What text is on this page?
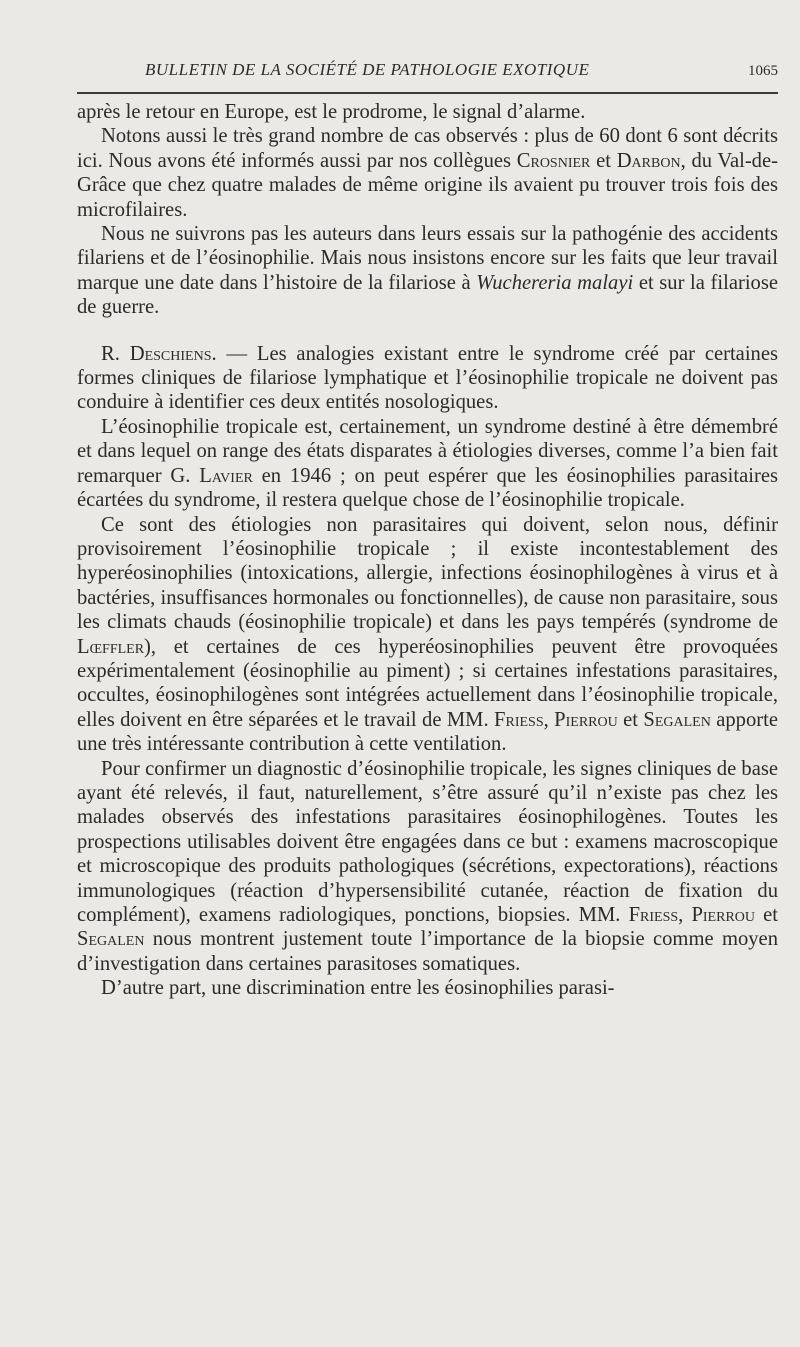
BULLETIN DE LA SOCIÉTÉ DE PATHOLOGIE EXOTIQUE	1065

après le retour en Europe, est le prodrome, le signal d’alarme.

Notons aussi le très grand nombre de cas observés : plus de 60 dont 6 sont décrits ici. Nous avons été informés aussi par nos collègues Crosnier et Darbon, du Val-de-Grâce que chez quatre malades de même origine ils avaient pu trouver trois fois des microfilaires.

Nous ne suivrons pas les auteurs dans leurs essais sur la pathogénie des accidents filariens et de l’éosinophilie. Mais nous insistons encore sur les faits que leur travail marque une date dans l’histoire de la filariose à Wuchereria malayi et sur la filariose de guerre.

R. Deschiens. — Les analogies existant entre le syndrome créé par certaines formes cliniques de filariose lymphatique et l’éosinophilie tropicale ne doivent pas conduire à identifier ces deux entités nosologiques.

L’éosinophilie tropicale est, certainement, un syndrome destiné à être démembré et dans lequel on range des états disparates à étiologies diverses, comme l’a bien fait remarquer G. Lavier en 1946 ; on peut espérer que les éosinophilies parasitaires écartées du syndrome, il restera quelque chose de l’éosinophilie tropicale.

Ce sont des étiologies non parasitaires qui doivent, selon nous, définir provisoirement l’éosinophilie tropicale ; il existe incontestablement des hyperéosinophilies (intoxications, allergie, infections éosinophilogènes à virus et à bactéries, insuffisances hormonales ou fonctionnelles), de cause non parasitaire, sous les climats chauds (éosinophilie tropicale) et dans les pays tempérés (syndrome de Lœffler), et certaines de ces hyperéosinophilies peuvent être provoquées expérimentalement (éosinophilie au piment) ; si certaines infestations parasitaires, occultes, éosinophilogènes sont intégrées actuellement dans l’éosinophilie tropicale, elles doivent en être séparées et le travail de MM. Friess, Pierrou et Segalen apporte une très intéressante contribution à cette ventilation.

Pour confirmer un diagnostic d’éosinophilie tropicale, les signes cliniques de base ayant été relevés, il faut, naturellement, s’être assuré qu’il n’existe pas chez les malades observés des infestations parasitaires éosinophilogènes. Toutes les prospections utilisables doivent être engagées dans ce but : examens macroscopique et microscopique des produits pathologiques (sécrétions, expectorations), réactions immunologiques (réaction d’hypersensibilité cutanée, réaction de fixation du complément), examens radiologiques, ponctions, biopsies. MM. Friess, Pierrou et Segalen nous montrent justement toute l’importance de la biopsie comme moyen d’investigation dans certaines parasitoses somatiques.

D’autre part, une discrimination entre les éosinophilies parasi-
